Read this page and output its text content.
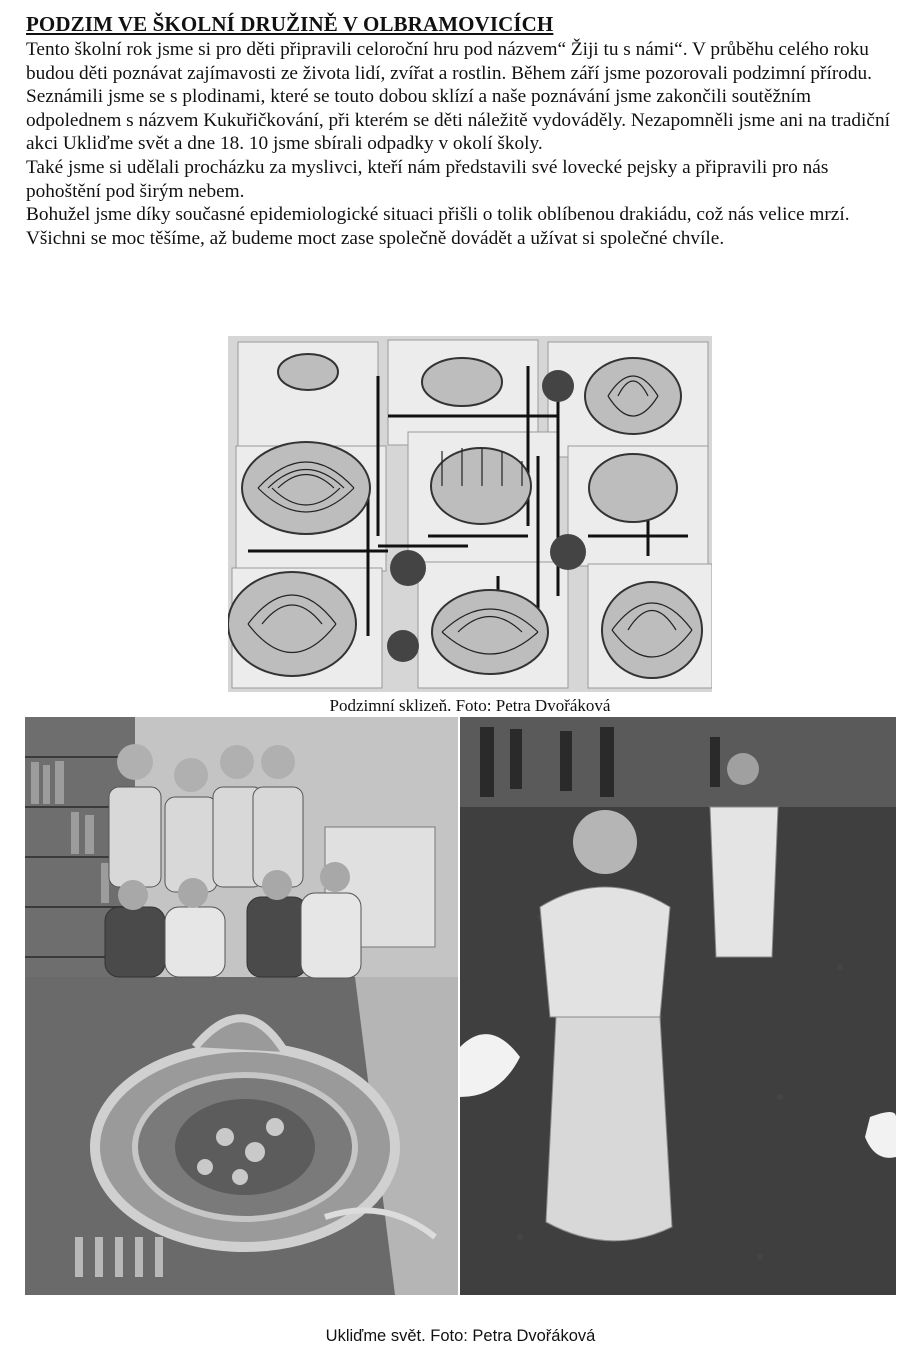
PODZIM VE ŠKOLNÍ DRUŽINĚ V OLBRAMOVICÍCH

Tento školní rok jsme si pro děti připravili celoroční hru pod názvem“ Žiji tu s námi“. V průběhu celého roku budou děti poznávat zajímavosti ze života lidí, zvířat a rostlin. Během září jsme pozorovali podzimní přírodu. Seznámili jsme se s plodinami, které se touto dobou sklízí a naše poznávání jsme zakončili soutěžním odpolednem s názvem Kukuřičkování, při kterém se děti náležitě vydováděly. Nezapomněli jsme ani na tradiční akci Ukliďme svět a dne 18. 10 jsme sbírali odpadky v okolí školy.

Také jsme si udělali procházku za myslivci, kteří nám představili své lovecké pejsky a připravili pro nás pohoštění pod širým nebem.

Bohužel jsme díky současné epidemiologické situaci přišli o tolik oblíbenou drakiádu, což nás velice mrzí. Všichni se moc těšíme, až budeme moct zase společně dovádět a užívat si společné chvíle.

Podzimní sklizeň. Foto: Petra Dvořáková
Ukliďme svět. Foto: Petra Dvořáková
